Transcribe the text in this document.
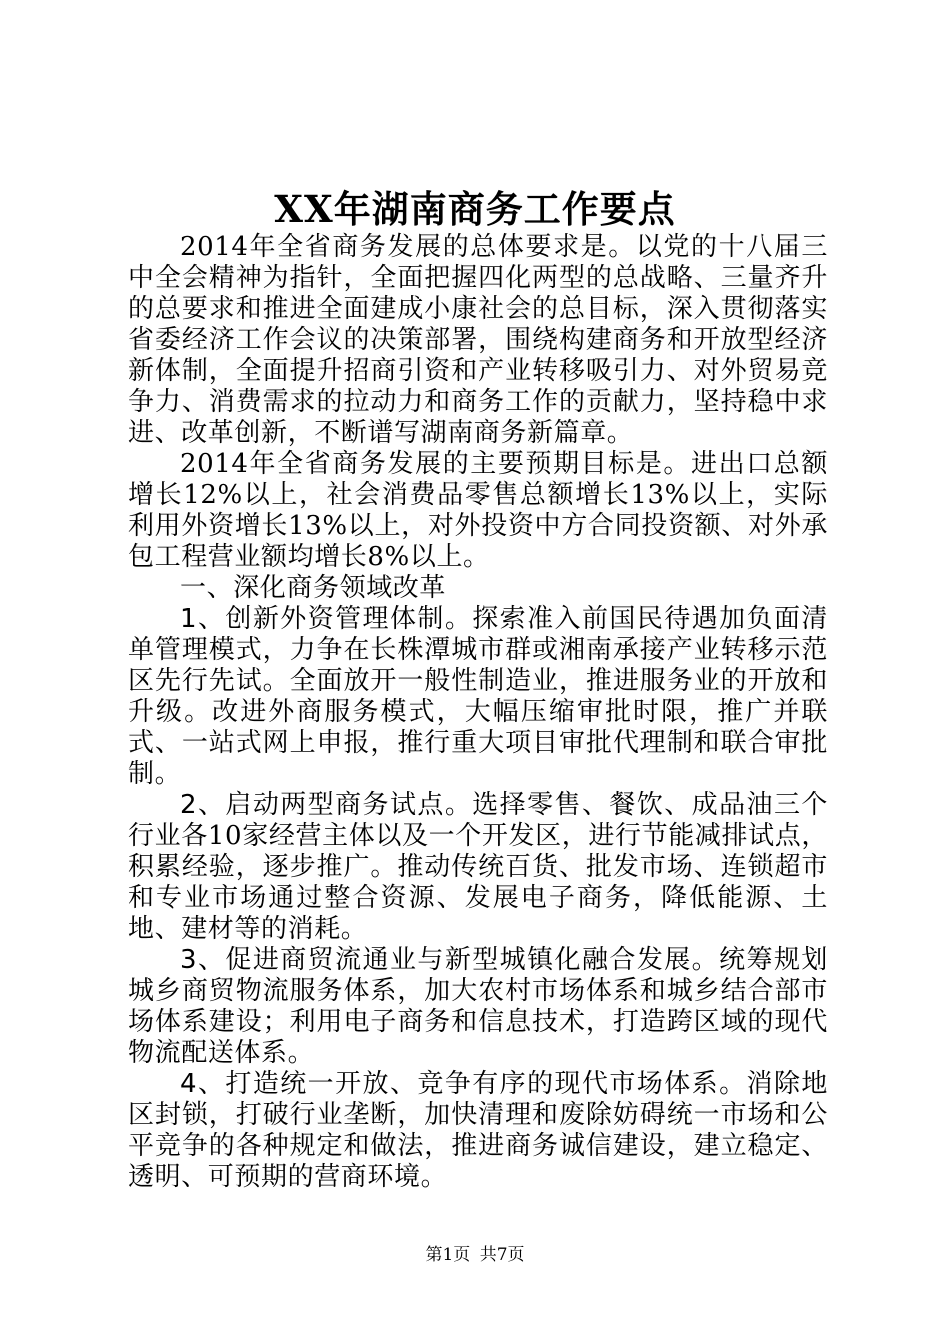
XX年湖南商务工作要点

2014年全省商务发展的总体要求是。以党的十八届三中全会精神为指针，全面把握四化两型的总战略、三量齐升的总要求和推进全面建成小康社会的总目标，深入贯彻落实省委经济工作会议的决策部署，围绕构建商务和开放型经济新体制，全面提升招商引资和产业转移吸引力、对外贸易竞争力、消费需求的拉动力和商务工作的贡献力，坚持稳中求进、改革创新，不断谱写湖南商务新篇章。

2014年全省商务发展的主要预期目标是。进出口总额增长12%以上，社会消费品零售总额增长13%以上，实际利用外资增长13%以上，对外投资中方合同投资额、对外承包工程营业额均增长8%以上。

一、深化商务领域改革

1、创新外资管理体制。探索准入前国民待遇加负面清单管理模式，力争在长株潭城市群或湘南承接产业转移示范区先行先试。全面放开一般性制造业，推进服务业的开放和升级。改进外商服务模式，大幅压缩审批时限，推广并联式、一站式网上申报，推行重大项目审批代理制和联合审批制。

2、启动两型商务试点。选择零售、餐饮、成品油三个行业各10家经营主体以及一个开发区，进行节能减排试点，积累经验，逐步推广。推动传统百货、批发市场、连锁超市和专业市场通过整合资源、发展电子商务，降低能源、土地、建材等的消耗。

3、促进商贸流通业与新型城镇化融合发展。统筹规划城乡商贸物流服务体系，加大农村市场体系和城乡结合部市场体系建设；利用电子商务和信息技术，打造跨区域的现代物流配送体系。

4、打造统一开放、竞争有序的现代市场体系。消除地区封锁，打破行业垄断，加快清理和废除妨碍统一市场和公平竞争的各种规定和做法，推进商务诚信建设，建立稳定、透明、可预期的营商环境。

第1页 共7页
